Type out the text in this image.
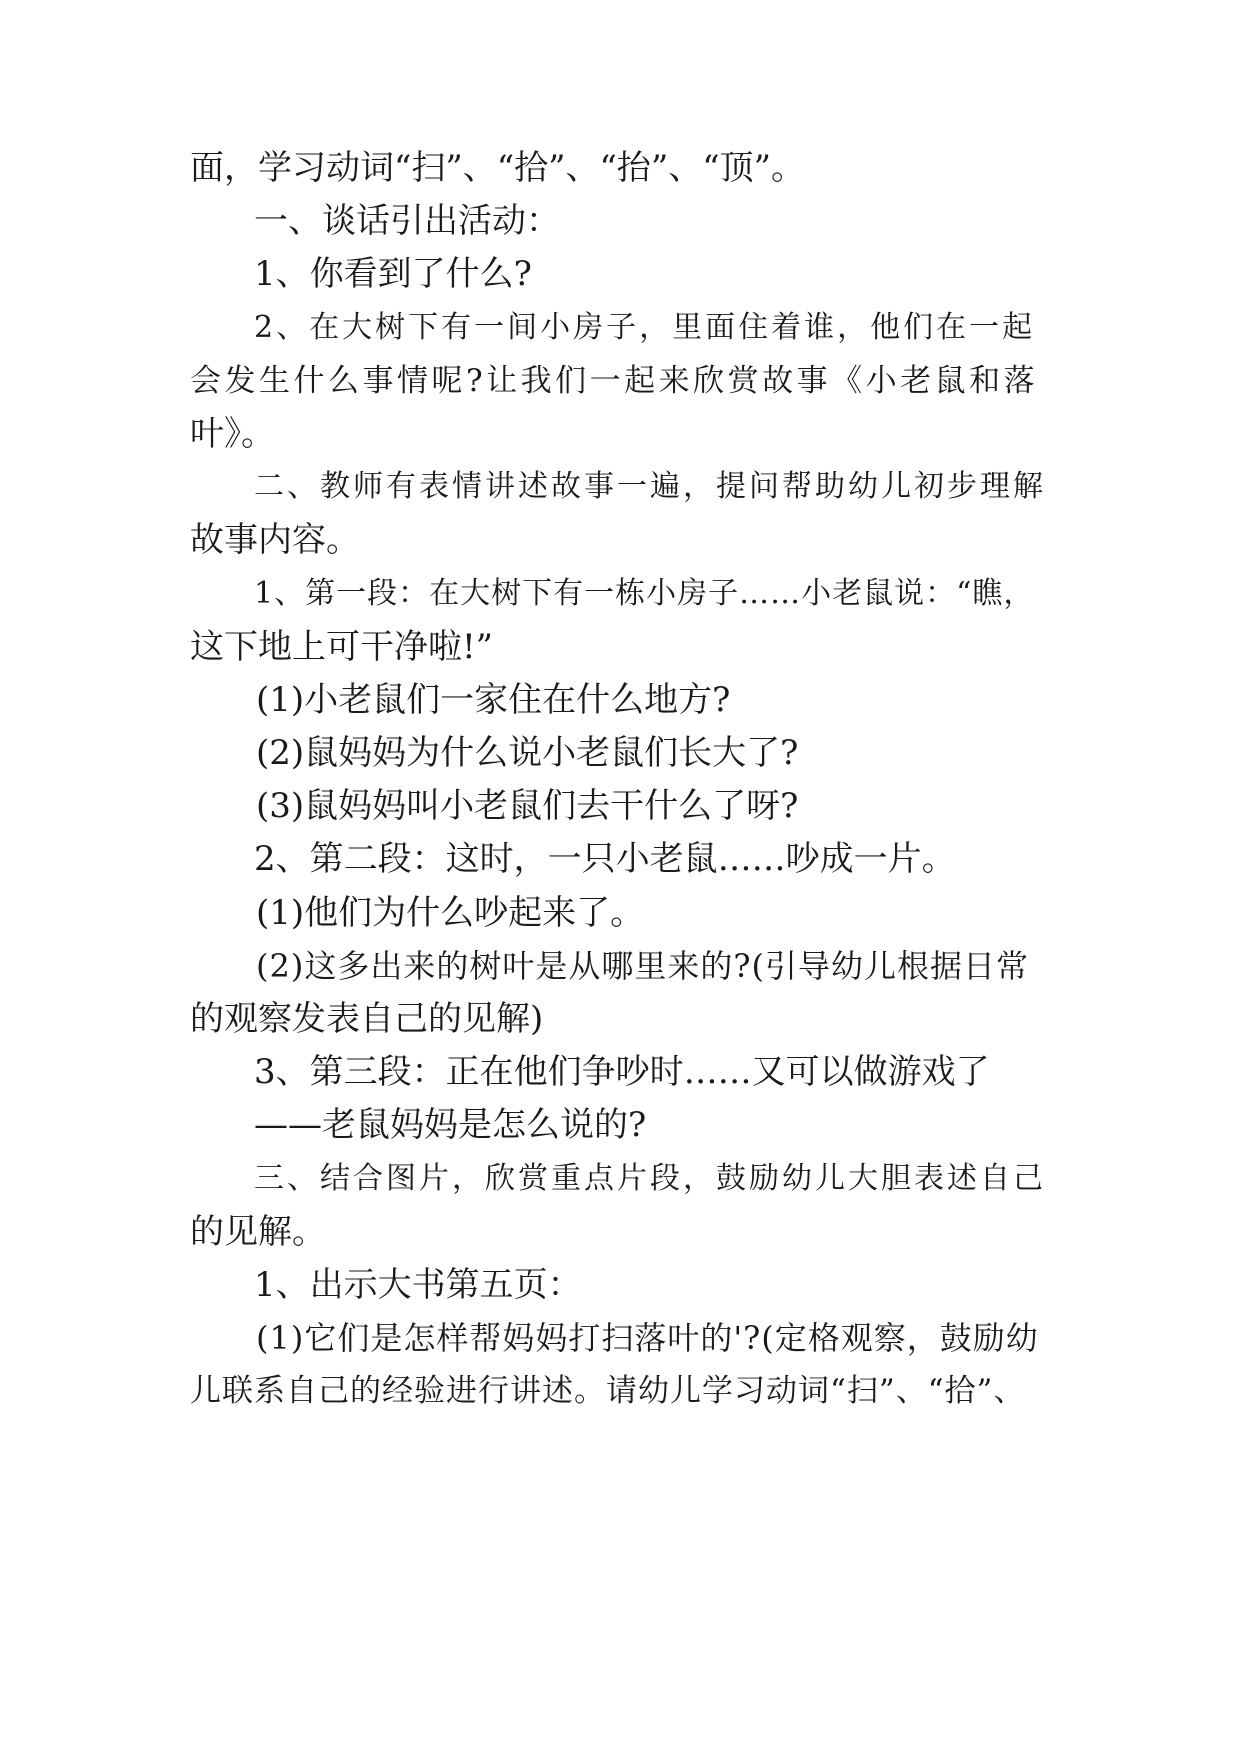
面，学习动词“扫”、“拾”、“抬”、“顶”。
一、谈话引出活动：
1、你看到了什么?
2、在大树下有一间小房子，里面住着谁，他们在一起
会发生什么事情呢?让我们一起来欣赏故事《小老鼠和落
叶》。
二、教师有表情讲述故事一遍，提问帮助幼儿初步理解
故事内容。
1、第一段：在大树下有一栋小房子……小老鼠说：“瞧，
这下地上可干净啦!”
(1)小老鼠们一家住在什么地方?
(2)鼠妈妈为什么说小老鼠们长大了?
(3)鼠妈妈叫小老鼠们去干什么了呀?
2、第二段：这时，一只小老鼠……吵成一片。
(1)他们为什么吵起来了。
(2)这多出来的树叶是从哪里来的?(引导幼儿根据日常
的观察发表自己的见解)
3、第三段：正在他们争吵时……又可以做游戏了
——老鼠妈妈是怎么说的?
三、结合图片，欣赏重点片段，鼓励幼儿大胆表述自己
的见解。
1、出示大书第五页：
(1)它们是怎样帮妈妈打扫落叶的'?(定格观察，鼓励幼
儿联系自己的经验进行讲述。请幼儿学习动词“扫”、“拾”、
